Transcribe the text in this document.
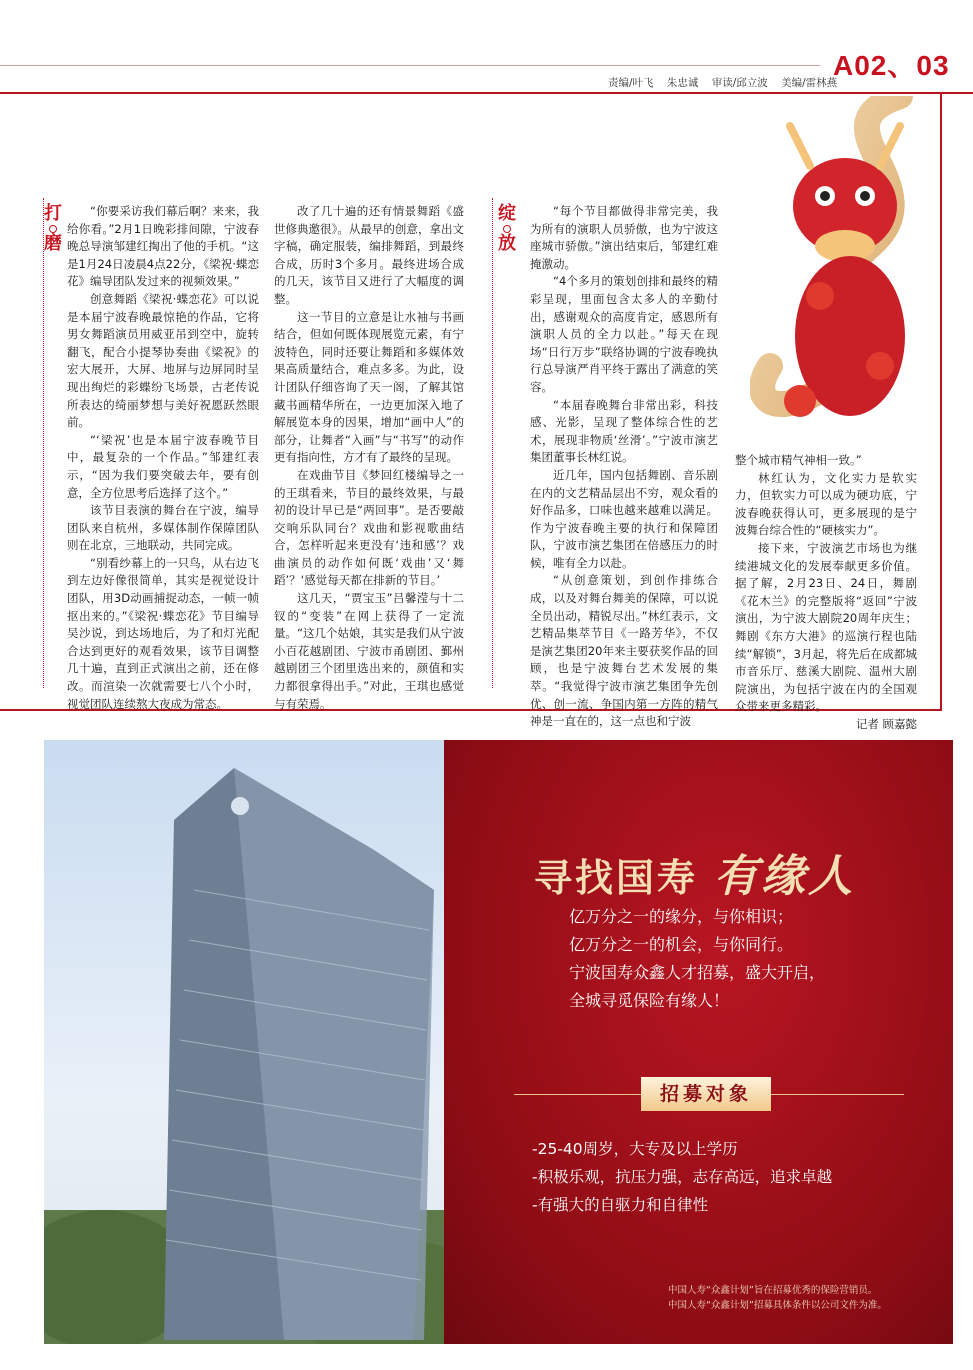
A02、03
责编/叶飞 朱忠诚 审读/邱立波 美编/雷林燕
打
磨
绽
放

“你要采访我们幕后啊？来来，我给你看。”2月1日晚彩排间隙，宁波春晚总导演邹建红掏出了他的手机。“这是1月24日凌晨4点22分，《梁祝·蝶恋花》编导团队发过来的视频效果。”

创意舞蹈《梁祝·蝶恋花》可以说是本届宁波春晚最惊艳的作品，它将男女舞蹈演员用威亚吊到空中，旋转翻飞，配合小提琴协奏曲《梁祝》的宏大展开，大屏、地屏与边屏同时呈现出绚烂的彩蝶纷飞场景，古老传说所表达的绮丽梦想与美好祝愿跃然眼前。

“‘梁祝’也是本届宁波春晚节目中，最复杂的一个作品。”邹建红表示，“因为我们要突破去年，要有创意，全方位思考后选择了这个。”

该节目表演的舞台在宁波，编导团队来自杭州，多媒体制作保障团队则在北京，三地联动，共同完成。

“别看纱幕上的一只鸟，从右边飞到左边好像很简单，其实是视觉设计团队，用3D动画捕捉动态，一帧一帧抠出来的。”《梁祝·蝶恋花》节目编导吴沙说，到达场地后，为了和灯光配合达到更好的观看效果，该节目调整几十遍，直到正式演出之前，还在修改。而渲染一次就需要七八个小时，视觉团队连续熬大夜成为常态。

改了几十遍的还有情景舞蹈《盛世修典邀很》。从最早的创意，拿出文字稿，确定服装，编排舞蹈，到最终合成，历时3个多月。最终进场合成的几天，该节目又进行了大幅度的调整。

这一节目的立意是让水袖与书画结合，但如何既体现展览元素，有宁波特色，同时还要让舞蹈和多媒体效果高质量结合，难点多多。为此，设计团队仔细咨询了天一阁，了解其馆藏书画精华所在，一边更加深入地了解展览本身的因果，增加“画中人”的部分，让舞者“入画”与“书写”的动作更有指向性，方才有了最终的呈现。

在戏曲节目《梦回红楼编导之一的王琪看来，节目的最终效果，与最初的设计早已是“两回事”。是否要敲交响乐队同台？戏曲和影视歌曲结合，怎样听起来更没有‘违和感’？戏曲演员的动作如何既‘戏曲’又‘舞蹈’？‘感觉每天都在排新的节目。’

这几天，“贾宝玉”吕馨滢与十二钗的“变装”在网上获得了一定流量。“这几个姑娘，其实是我们从宁波小百花越剧团、宁波市甬剧团、鄞州越剧团三个团里选出来的，颜值和实力都很拿得出手。”对此，王琪也感觉与有荣焉。

“每个节目都做得非常完美，我为所有的演职人员骄傲，也为宁波这座城市骄傲。”演出结束后，邹建红难掩激动。

“4个多月的策划创排和最终的精彩呈现，里面包含太多人的辛勤付出，感谢观众的高度肯定，感恩所有演职人员的全力以赴。”每天在现场“日行万步”联络协调的宁波春晚执行总导演严肖平终于露出了满意的笑容。

“本届春晚舞台非常出彩，科技感、光影，呈现了整体综合性的艺术，展现非物质‘丝滑’。”宁波市演艺集团董事长林红说。

近几年，国内包括舞剧、音乐剧在内的文艺精品层出不穷，观众看的好作品多，口味也越来越难以满足。作为宁波春晚主要的执行和保障团队，宁波市演艺集团在倍感压力的时候，唯有全力以赴。

“从创意策划，到创作排练合成，以及对舞台舞美的保障，可以说全员出动，精锐尽出。”林红表示，文艺精品集萃节目《一路芳华》，不仅是演艺集团20年来主要获奖作品的回顾，也是宁波舞台艺术发展的集萃。“我觉得宁波市演艺集团争先创优、创一流、争国内第一方阵的精气神是一直在的，这一点也和宁波

整个城市精气神相一致。”

林红认为，文化实力是软实力，但软实力可以成为硬功底，宁波春晚获得认可，更多展现的是宁波舞台综合性的“硬核实力”。

接下来，宁波演艺市场也为继续港城文化的发展奉献更多价值。据了解，2月23日、24日，舞剧《花木兰》的完整版将“返回”宁波演出，为宁波大剧院20周年庆生；舞剧《东方大港》的巡演行程也陆续“解锁”，3月起，将先后在成都城市音乐厅、慈溪大剧院、温州大剧院演出，为包括宁波在内的全国观众带来更多精彩。

记者 顾嘉懿

寻找国寿 有缘人
亿万分之一的缘分，与你相识；
亿万分之一的机会，与你同行。
宁波国寿众鑫人才招募，盛大开启，
全城寻觅保险有缘人！
招募对象
-25-40周岁，大专及以上学历
-积极乐观，抗压力强，志存高远，追求卓越
-有强大的自驱力和自律性
中国人寿“众鑫计划”旨在招募优秀的保险营销员。
中国人寿“众鑫计划”招募具体条件以公司文件为准。
